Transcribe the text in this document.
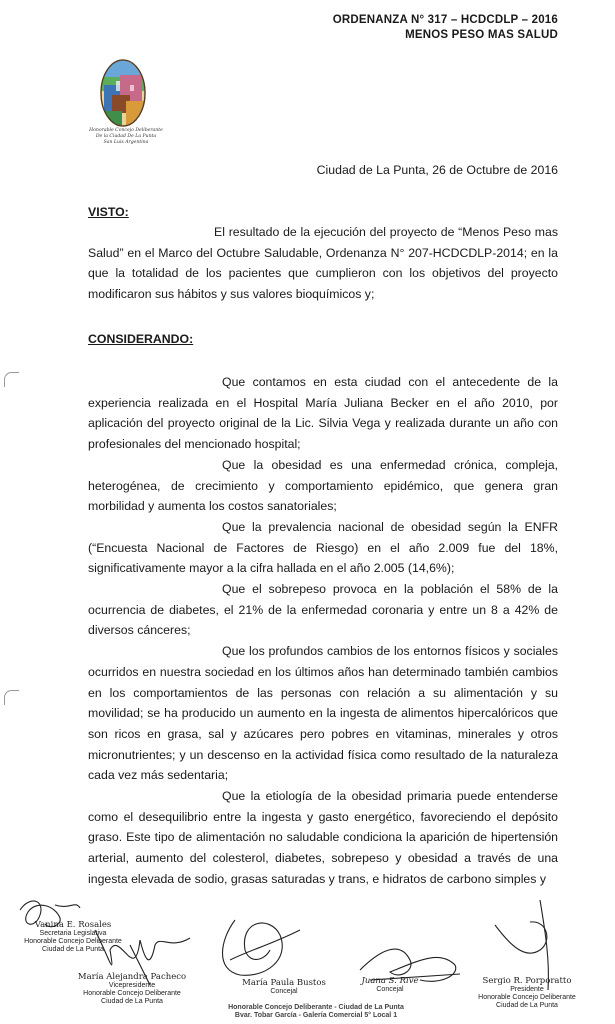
ORDENANZA N° 317 – HCDCDLP – 2016
MENOS PESO MAS SALUD
Honorable Concejo Deliberante
De la Ciudad De La Punta
San Luis Argentina
Ciudad de La Punta, 26 de Octubre de 2016
VISTO:

El resultado de la ejecución del proyecto de “Menos Peso mas Salud” en el Marco del Octubre Saludable, Ordenanza N° 207-HCDCDLP-2014; en la que la totalidad de los pacientes que cumplieron con los objetivos del proyecto modificaron sus hábitos y sus valores bioquímicos y;

CONSIDERANDO:

Que contamos en esta ciudad con el antecedente de la experiencia realizada en el Hospital María Juliana Becker en el año 2010, por aplicación del proyecto original de la Lic. Silvia Vega y realizada durante un año con profesionales del mencionado hospital;

Que la obesidad es una enfermedad crónica, compleja, heterogénea, de crecimiento y comportamiento epidémico, que genera gran morbilidad y aumenta los costos sanatoriales;

Que la prevalencia nacional de obesidad según la ENFR (“Encuesta Nacional de Factores de Riesgo) en el año 2.009 fue del 18%, significativamente mayor a la cifra hallada en el año 2.005 (14,6%);

Que el sobrepeso provoca en la población el 58% de la ocurrencia de diabetes, el 21% de la enfermedad coronaria y entre un 8 a 42% de diversos cánceres;

Que los profundos cambios de los entornos físicos y sociales ocurridos en nuestra sociedad en los últimos años han determinado también cambios en los comportamientos de las personas con relación a su alimentación y su movilidad; se ha producido un aumento en la ingesta de alimentos hipercalóricos que son ricos en grasa, sal y azúcares pero pobres en vitaminas, minerales y otros micronutrientes; y un descenso en la actividad física como resultado de la naturaleza cada vez más sedentaria;

Que la etiología de la obesidad primaria puede entenderse como el desequilibrio entre la ingesta y gasto energético, favoreciendo el depósito graso. Este tipo de alimentación no saludable condiciona la aparición de hipertensión arterial, aumento del colesterol, diabetes, sobrepeso y obesidad a través de una ingesta elevada de sodio, grasas saturadas y trans, e hidratos de carbono simples y

Vanina E. Rosales
Secretaria Legislativa
Honorable Concejo Deliberante
Ciudad de La Punta
María Alejandra Pacheco
Vicepresidente
Honorable Concejo Deliberante
Ciudad de La Punta
María Paula Bustos
Concejal
Juana S. Rive
Concejal
Sergio R. Porporatto
Presidente
Honorable Concejo Deliberante
Ciudad de La Punta
Honorable Concejo Deliberante - Ciudad de La Punta
Bvar. Tobar García - Galería Comercial 5° Local 1
